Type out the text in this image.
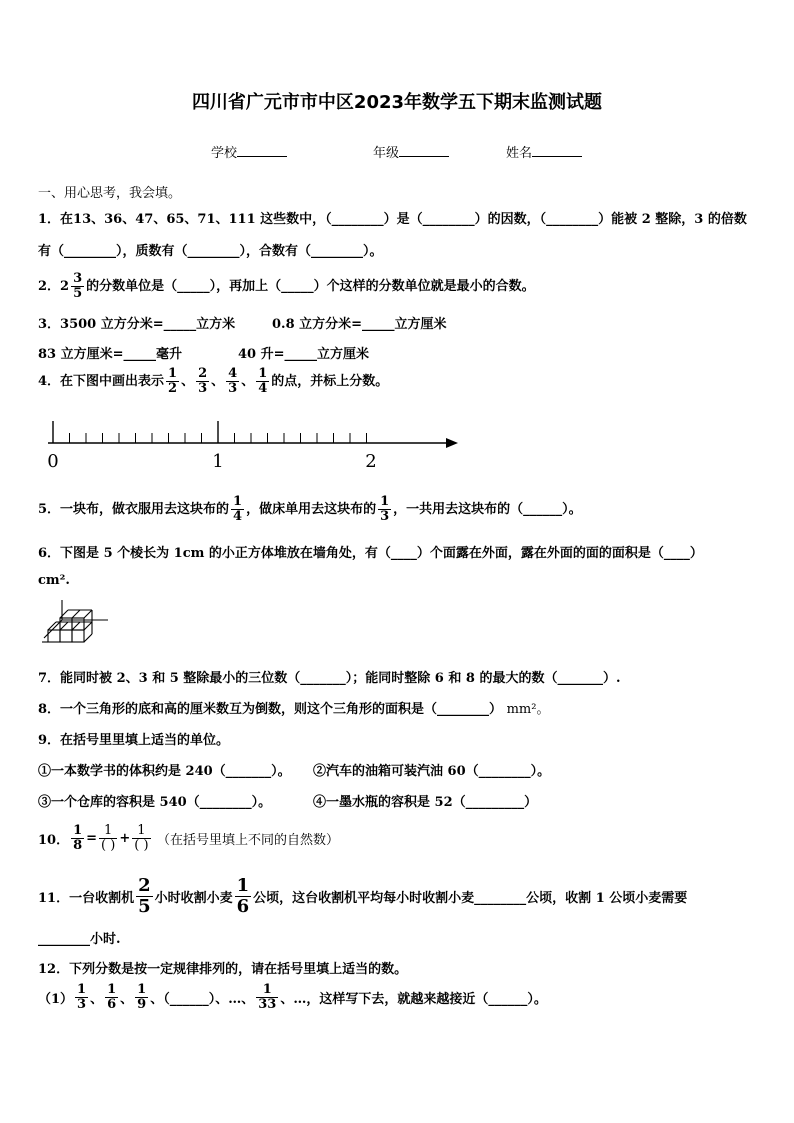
四川省广元市市中区2023年数学五下期末监测试题
学校	年级	姓名
一、用心思考，我会填。
1．在13、36、47、65、71、111 这些数中，（________）是（________）的因数，（________）能被 2 整除，3 的倍数
有（________），质数有（________），合数有（________）。
2．$2 \frac{3}{5}$ 的分数单位是（_____），再加上（_____）个这样的分数单位就是最小的合数。
3．3500 立方分米=_____立方米	0.8 立方分米=_____立方厘米
83 立方厘米=_____毫升	40 升=_____立方厘米
4．在下图中画出表示 $\frac{1}{2}$ 、 $\frac{2}{3}$ 、 $\frac{4}{3}$ 、 $\frac{1}{4}$ 的点，并标上分数。
0	1	2
5．一块布，做衣服用去这块布的 $\frac{1}{4}$ ，做床单用去这块布的 $\frac{1}{3}$ ，一共用去这块布的（______）。
6．下图是 5 个棱长为 1cm 的小正方体堆放在墙角处，有（____）个面露在外面，露在外面的面的面积是（____）
cm².
7．能同时被 2、3 和 5 整除最小的三位数（_______）；能同时整除 6 和 8 的最大的数（_______）.
8．一个三角形的底和高的厘米数互为倒数，则这个三角形的面积是（________） mm²。
9．在括号里里填上适当的单位。
①一本数学书的体积约是 240（_______）。 ②汽车的油箱可装汽油 60（________）。
③一个仓库的容积是 540（________）。	④一墨水瓶的容积是 52（_________）
10． $\frac{1}{8} = \frac{1}{( )} + \frac{1}{( )}$ （在括号里填上不同的自然数）
11．一台收割机 $\frac{2}{5}$ 小时收割小麦 $\frac{1}{6}$ 公顷，这台收割机平均每小时收割小麦________公顷，收割 1 公顷小麦需要
________小时.
12．下列分数是按一定规律排列的，请在括号里填上适当的数。
$(1) \frac{1}{3}$ 、 $\frac{1}{6}$ 、 $\frac{1}{9}$ 、（______）、…、 $\frac{1}{33}$ 、…，这样写下去，就越来越接近（______）。
